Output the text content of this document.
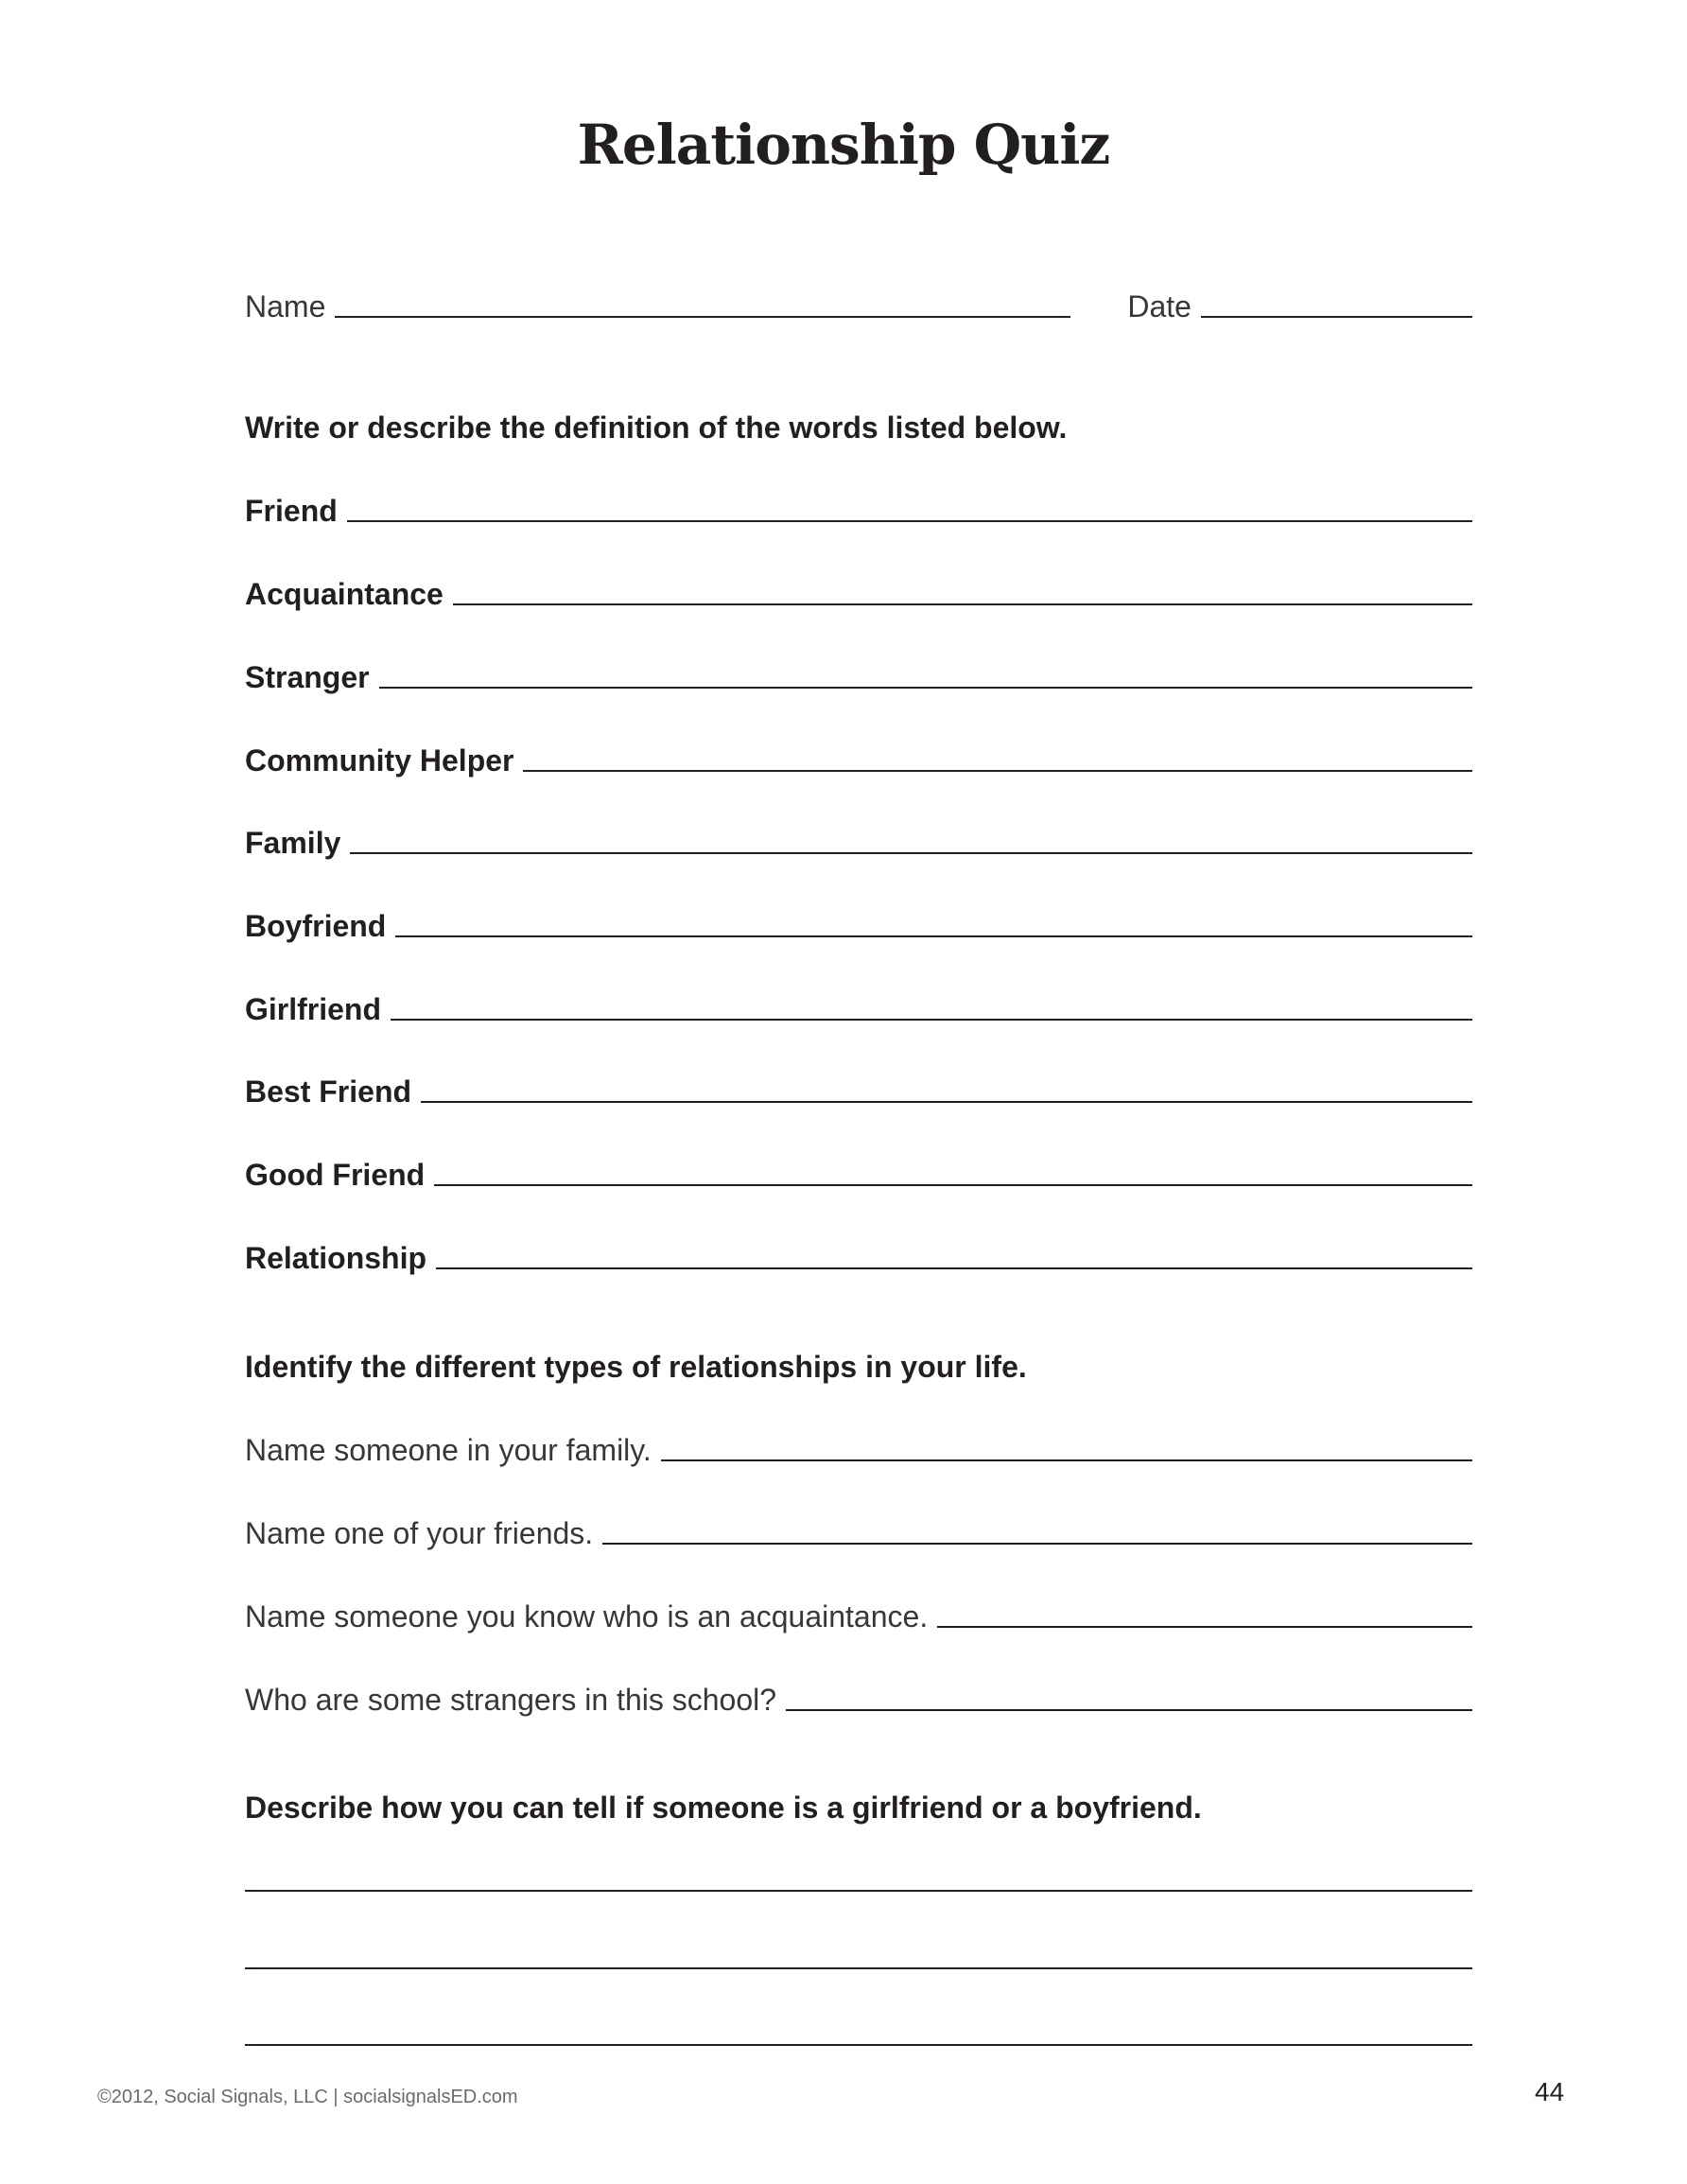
Relationship Quiz
Name	Date
Write or describe the definition of the words listed below.
Friend
Acquaintance
Stranger
Community Helper
Family
Boyfriend
Girlfriend
Best Friend
Good Friend
Relationship
Identify the different types of relationships in your life.
Name someone in your family.
Name one of your friends.
Name someone you know who is an acquaintance.
Who are some strangers in this school?
Describe how you can tell if someone is a girlfriend or a boyfriend.
©2012, Social Signals, LLC | socialsignalsED.com	44
